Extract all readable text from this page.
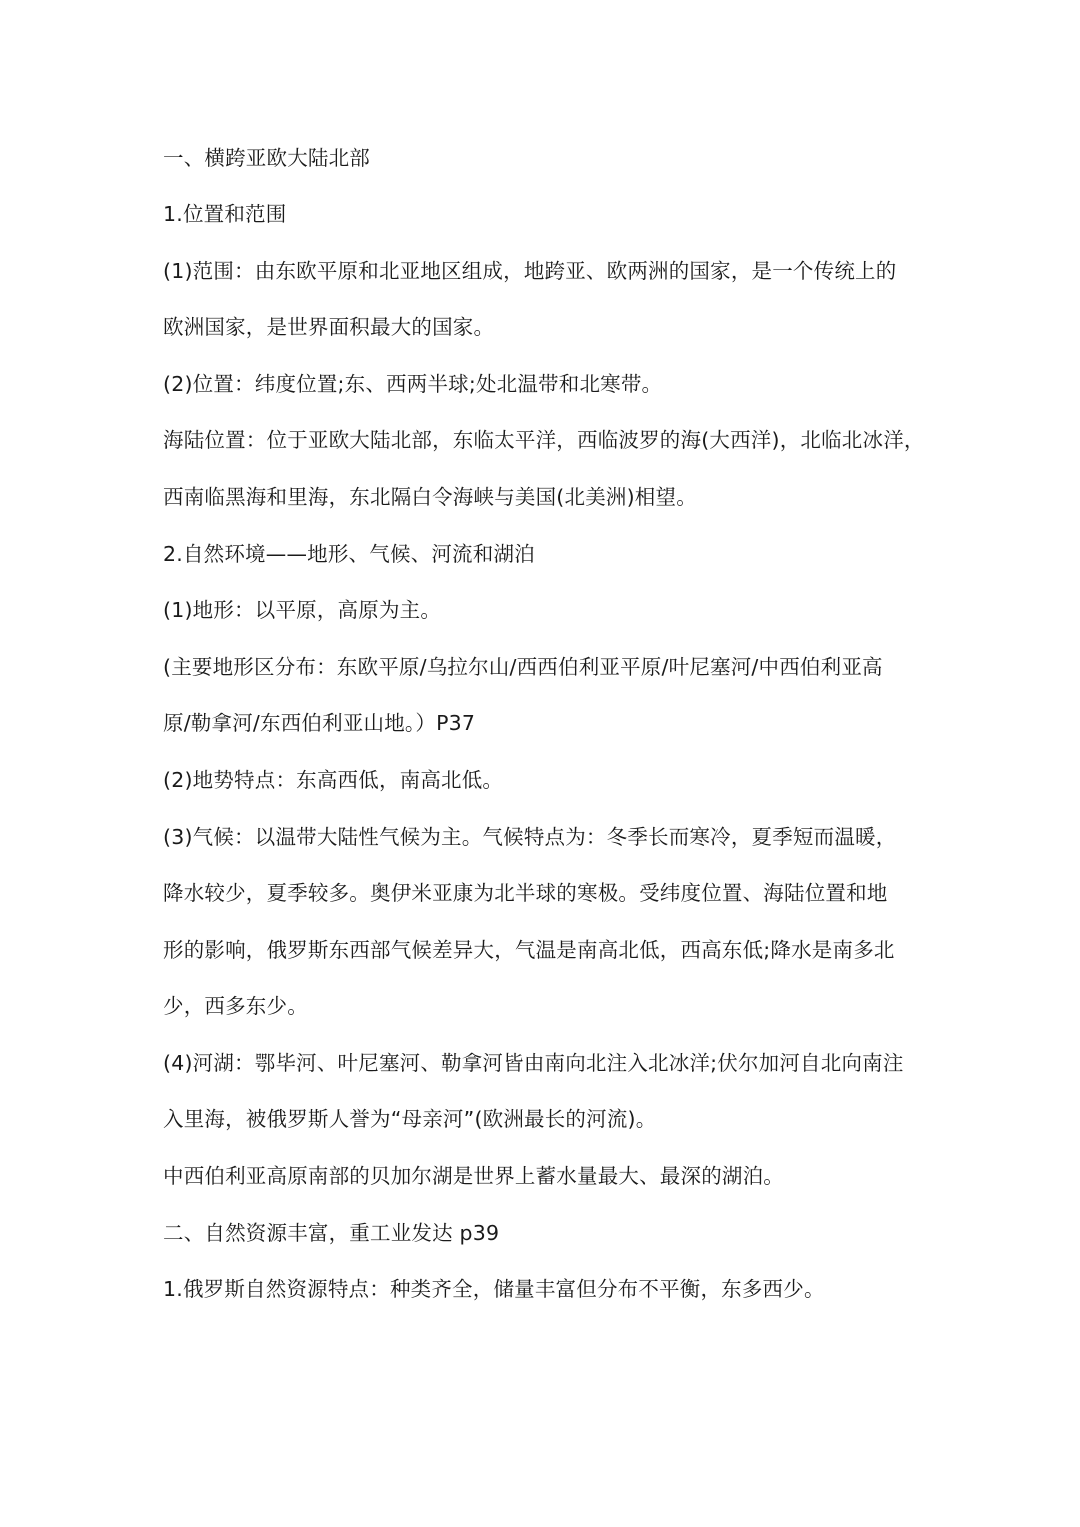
一、横跨亚欧大陆北部
1.位置和范围
(1)范围：由东欧平原和北亚地区组成，地跨亚、欧两洲的国家，是一个传统上的
欧洲国家，是世界面积最大的国家。
(2)位置：纬度位置;东、西两半球;处北温带和北寒带。
海陆位置：位于亚欧大陆北部，东临太平洋，西临波罗的海(大西洋)，北临北冰洋，
西南临黑海和里海，东北隔白令海峡与美国(北美洲)相望。
2.自然环境——地形、气候、河流和湖泊
(1)地形：以平原，高原为主。
(主要地形区分布：东欧平原/乌拉尔山/西西伯利亚平原/叶尼塞河/中西伯利亚高
原/勒拿河/东西伯利亚山地。）P37
(2)地势特点：东高西低，南高北低。
(3)气候：以温带大陆性气候为主。气候特点为：冬季长而寒冷，夏季短而温暖，
降水较少，夏季较多。奥伊米亚康为北半球的寒极。受纬度位置、海陆位置和地
形的影响，俄罗斯东西部气候差异大，气温是南高北低，西高东低;降水是南多北
少，西多东少。
(4)河湖：鄂毕河、叶尼塞河、勒拿河皆由南向北注入北冰洋;伏尔加河自北向南注
入里海，被俄罗斯人誉为“母亲河”(欧洲最长的河流)。
中西伯利亚高原南部的贝加尔湖是世界上蓄水量最大、最深的湖泊。
二、自然资源丰富，重工业发达 p39
1.俄罗斯自然资源特点：种类齐全，储量丰富但分布不平衡，东多西少。
